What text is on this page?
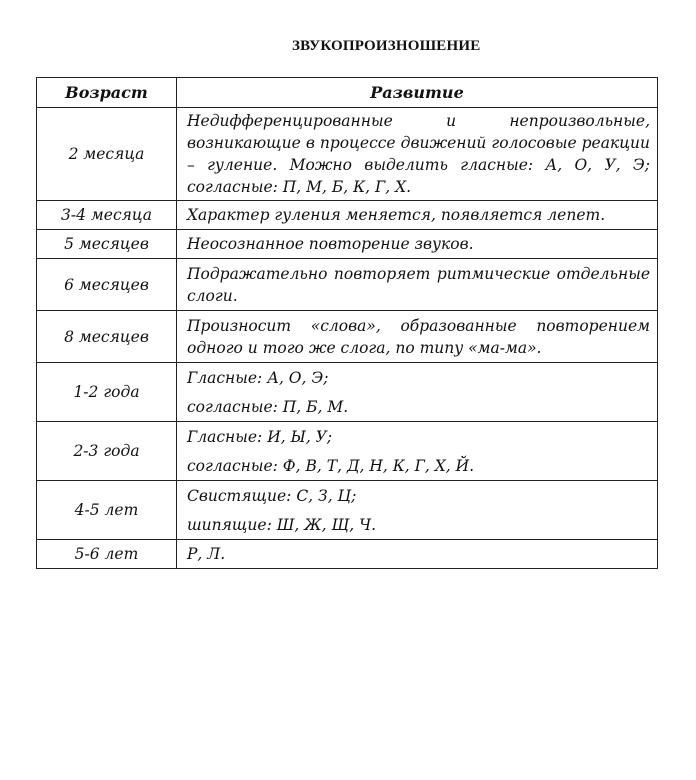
ЗВУКОПРОИЗНОШЕНИЕ
Возраст	Развитие
2 месяца	Недифференцированные и непроизвольные, возникающие в процессе движений голосовые реакции – гуление. Можно выделить гласные: А, О, У, Э; согласные: П, М, Б, К, Г, Х.

3-4 месяца	Характер гуления меняется, появляется лепет.

5 месяцев	Неосознанное повторение звуков.

6 месяцев	Подражательно повторяет ритмические отдельные слоги.

8 месяцев	Произносит «слова», образованные повторением одного и того же слога, по типу «ма-ма».

1-2 года	Гласные: А, О, Э;
согласные: П, Б, М.

2-3 года	Гласные: И, Ы, У;
согласные: Ф, В, Т, Д, Н, К, Г, Х, Й.

4-5 лет	Свистящие: С, З, Ц;
шипящие: Ш, Ж, Щ, Ч.

5-6 лет	Р, Л.
